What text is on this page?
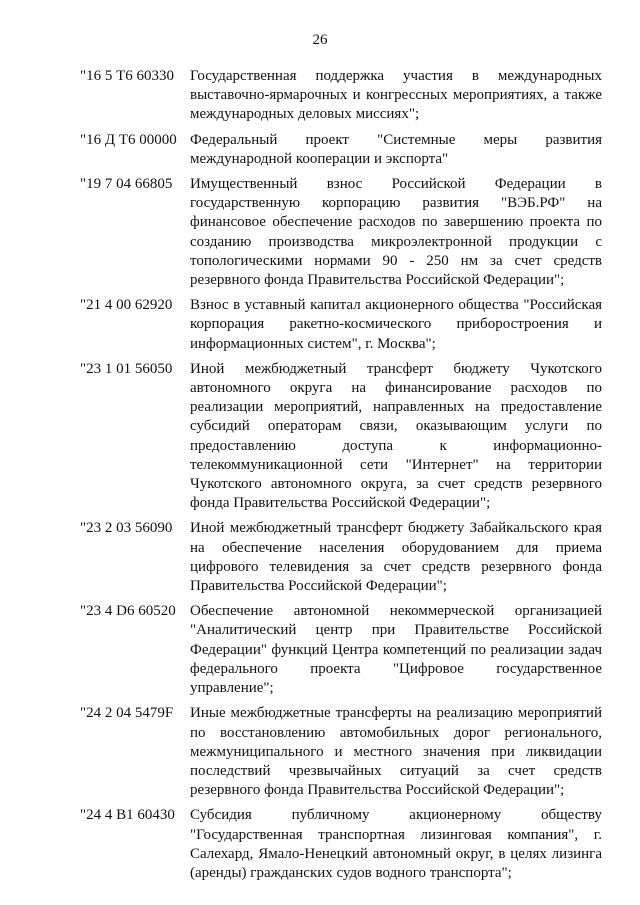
26
"16 5 Т6 60330	Государственная поддержка участия в международных выставочно-ярмарочных и конгрессных мероприятиях, а также международных деловых миссиях";
"16 Д Т6 00000 Федеральный проект "Системные меры развития международной кооперации и экспорта"
"19 7 04 66805	Имущественный взнос Российской Федерации в государственную корпорацию развития "ВЭБ.РФ" на финансовое обеспечение расходов по завершению проекта по созданию производства микроэлектронной продукции с топологическими нормами 90 - 250 нм за счет средств резервного фонда Правительства Российской Федерации";
"21 4 00 62920	Взнос в уставный капитал акционерного общества "Российская корпорация ракетно-космического приборостроения и информационных систем", г. Москва";
"23 1 01 56050	Иной межбюджетный трансферт бюджету Чукотского автономного округа на финансирование расходов по реализации мероприятий, направленных на предоставление субсидий операторам связи, оказывающим услуги по предоставлению доступа к информационно-телекоммуникационной сети "Интернет" на территории Чукотского автономного округа, за счет средств резервного фонда Правительства Российской Федерации";
"23 2 03 56090	Иной межбюджетный трансферт бюджету Забайкальского края на обеспечение населения оборудованием для приема цифрового телевидения за счет средств резервного фонда Правительства Российской Федерации";
"23 4 D6 60520 Обеспечение автономной некоммерческой организацией "Аналитический центр при Правительстве Российской Федерации" функций Центра компетенций по реализации задач федерального проекта "Цифровое государственное управление";
"24 2 04 5479F	Иные межбюджетные трансферты на реализацию мероприятий по восстановлению автомобильных дорог регионального, межмуниципального и местного значения при ликвидации последствий чрезвычайных ситуаций за счет средств резервного фонда Правительства Российской Федерации";
"24 4 В1 60430	Субсидия публичному акционерному обществу "Государственная транспортная лизинговая компания", г. Салехард, Ямало-Ненецкий автономный округ, в целях лизинга (аренды) гражданских судов водного транспорта";
